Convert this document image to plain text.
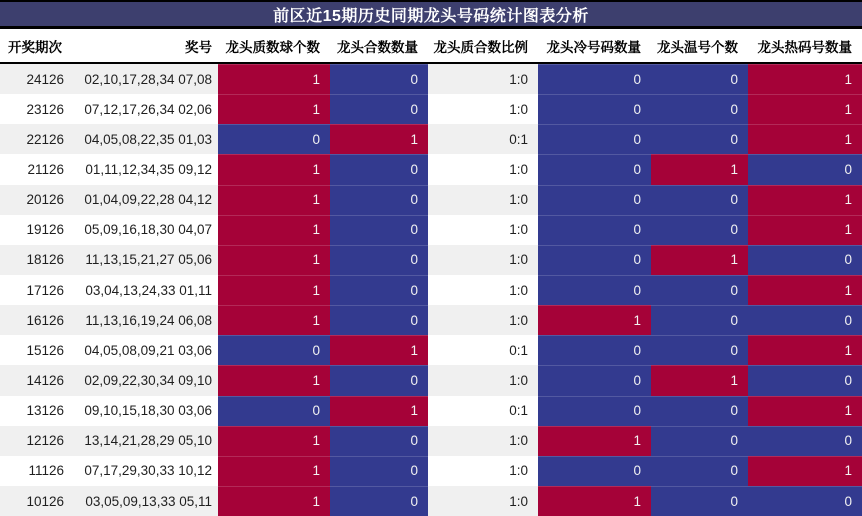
前区近15期历史同期龙头号码统计图表分析
开奖期次	奖号	龙头质数球个数	龙头合数数量	龙头质合数比例	龙头冷号码数量	龙头温号个数	龙头热码号数量
24126	02,10,17,28,34 07,08	1	0	1:0	0	0	1
23126	07,12,17,26,34 02,06	1	0	1:0	0	0	1
22126	04,05,08,22,35 01,03	0	1	0:1	0	0	1
21126	01,11,12,34,35 09,12	1	0	1:0	0	1	0
20126	01,04,09,22,28 04,12	1	0	1:0	0	0	1
19126	05,09,16,18,30 04,07	1	0	1:0	0	0	1
18126	11,13,15,21,27 05,06	1	0	1:0	0	1	0
17126	03,04,13,24,33 01,11	1	0	1:0	0	0	1
16126	11,13,16,19,24 06,08	1	0	1:0	1	0	0
15126	04,05,08,09,21 03,06	0	1	0:1	0	0	1
14126	02,09,22,30,34 09,10	1	0	1:0	0	1	0
13126	09,10,15,18,30 03,06	0	1	0:1	0	0	1
12126	13,14,21,28,29 05,10	1	0	1:0	1	0	0
11126	07,17,29,30,33 10,12	1	0	1:0	0	0	1
10126	03,05,09,13,33 05,11	1	0	1:0	1	0	0
